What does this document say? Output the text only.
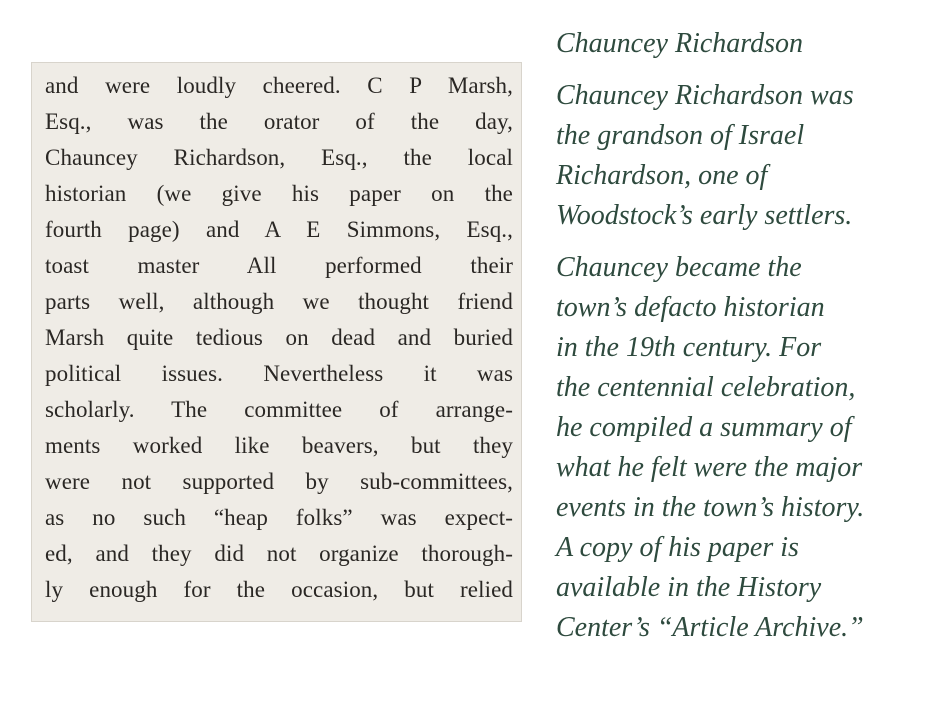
and were loudly cheered. C P Marsh,
Esq., was the orator of the day,
Chauncey Richardson, Esq., the local
historian (we give his paper on the
fourth page) and A E Simmons, Esq.,
toast master All performed their
parts well, although we thought friend
Marsh quite tedious on dead and buried
political issues. Nevertheless it was
scholarly. The committee of arrange-
ments worked like beavers, but they
were not supported by sub-committees,
as no such “heap folks” was expect-
ed, and they did not organize thorough-
ly enough for the occasion, but relied
Chauncey Richardson
Chauncey Richardson was
the grandson of Israel
Richardson, one of
Woodstock’s early settlers.
Chauncey became the
town’s defacto historian
in the 19th century. For
the centennial celebration,
he compiled a summary of
what he felt were the major
events in the town’s history.
A copy of his paper is
available in the History
Center’s “Article Archive.”
